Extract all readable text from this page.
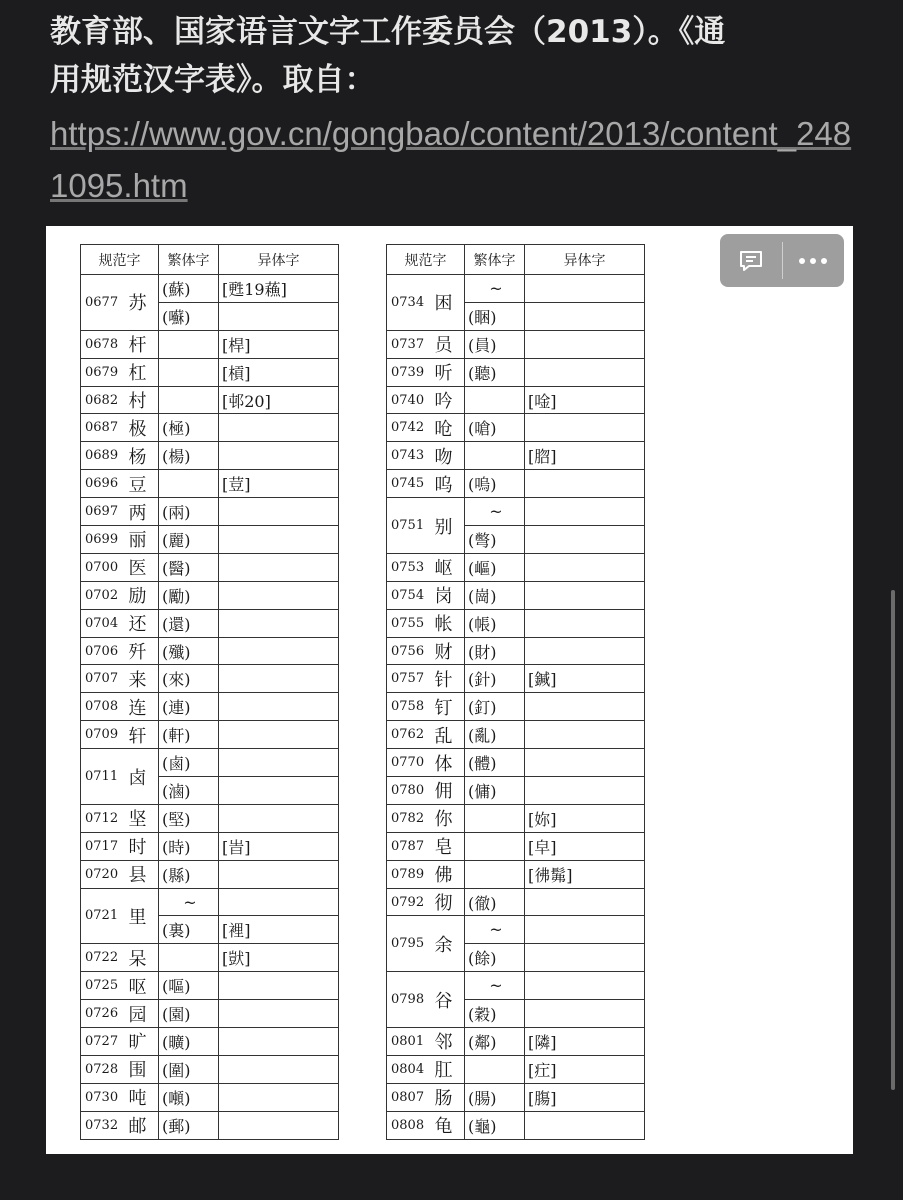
教育部、国家语言文字工作委员会（2013）。《通
用规范汉字表》。取自：
https://www.gov.cn/gongbao/content/2013/content_2481095.htm
规范字		繁体字	异体字
0677	苏	(蘇)	[甦19蘓]
		(囌)	
0678	杆		[桿]
0679	杠		[槓]
0682	村		[邨20]
0687	极	(極)	
0689	杨	(楊)	
0696	豆		[荳]
0697	两	(兩)	
0699	丽	(麗)	
0700	医	(醫)	
0702	励	(勵)	
0704	还	(還)	
0706	歼	(殲)	
0707	来	(來)	
0708	连	(連)	
0709	轩	(軒)	
0711	卤	(鹵)	
		(滷)	
0712	坚	(堅)	
0717	时	(時)	[旹]
0720	县	(縣)	
0721	里	~	
		(裏)	[裡]
0722	呆		[獃]
0725	呕	(嘔)	
0726	园	(園)	
0727	旷	(曠)	
0728	围	(圍)	
0730	吨	(噸)	
0732	邮	(郵)	
规范字		繁体字	异体字
0734	困	~	
		(睏)	
0737	员	(員)	
0739	听	(聽)	
0740	吟		[唫]
0742	呛	(嗆)	
0743	吻		[脗]
0745	呜	(嗚)	
0751	别	~	
		(彆)	
0753	岖	(嶇)	
0754	岗	(崗)	
0755	帐	(帳)	
0756	财	(財)	
0757	针	(針)	[鍼]
0758	钉	(釘)	
0762	乱	(亂)	
0770	体	(體)	
0780	佣	(傭)	
0782	你		[妳]
0787	皂		[皁]
0789	佛		[彿髴]
0792	彻	(徹)	
0795	余	~	
		(餘)	
0798	谷	~	
		(穀)	
0801	邻	(鄰)	[隣]
0804	肛		[疘]
0807	肠	(腸)	[膓]
0808	龟	(龜)	
